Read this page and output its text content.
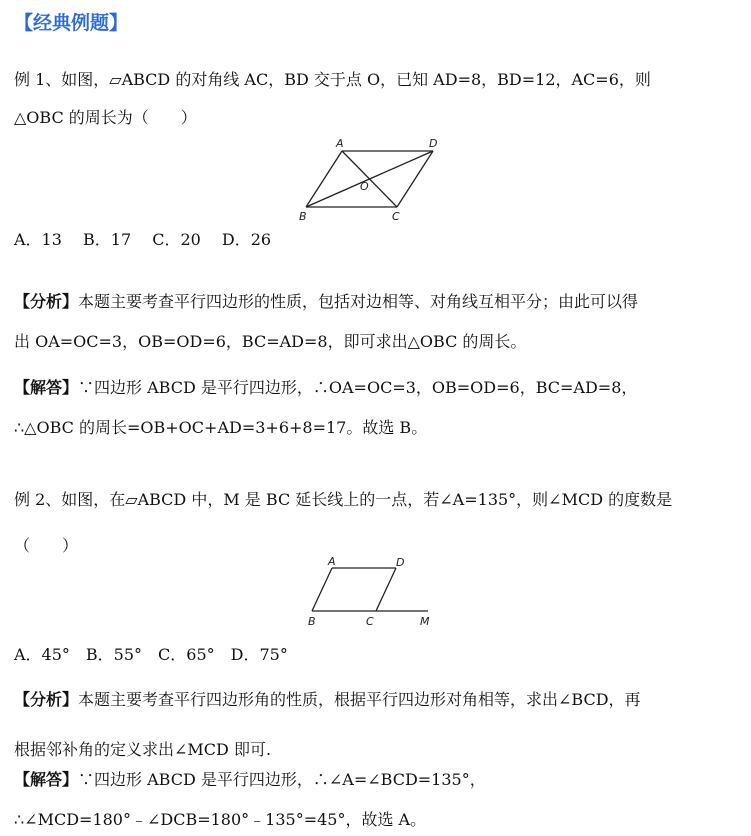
【经典例题】
例 1、如图，▱ABCD 的对角线 AC，BD 交于点 O，已知 AD=8，BD=12，AC=6，则
△OBC 的周长为（　　）
A	D
O
B	C
A．13　 B．17　 C．20　 D．26
【分析】本题主要考查平行四边形的性质，包括对边相等、对角线互相平分；由此可以得
出 OA=OC=3，OB=OD=6，BC=AD=8，即可求出△OBC 的周长。
【解答】∵四边形 ABCD 是平行四边形，∴OA=OC=3，OB=OD=6，BC=AD=8，
∴△OBC 的周长=OB+OC+AD=3+6+8=17。故选 B。
例 2、如图，在▱ABCD 中，M 是 BC 延长线上的一点，若∠A=135°，则∠MCD 的度数是
（　　）
A	D
B	C	M
A．45°　B．55°　C．65°　D．75°
【分析】本题主要考查平行四边形角的性质，根据平行四边形对角相等，求出∠BCD，再
根据邻补角的定义求出∠MCD 即可.
【解答】∵四边形 ABCD 是平行四边形，∴∠A=∠BCD=135°，
∴∠MCD=180°﹣∠DCB=180°﹣135°=45°，故选 A。
